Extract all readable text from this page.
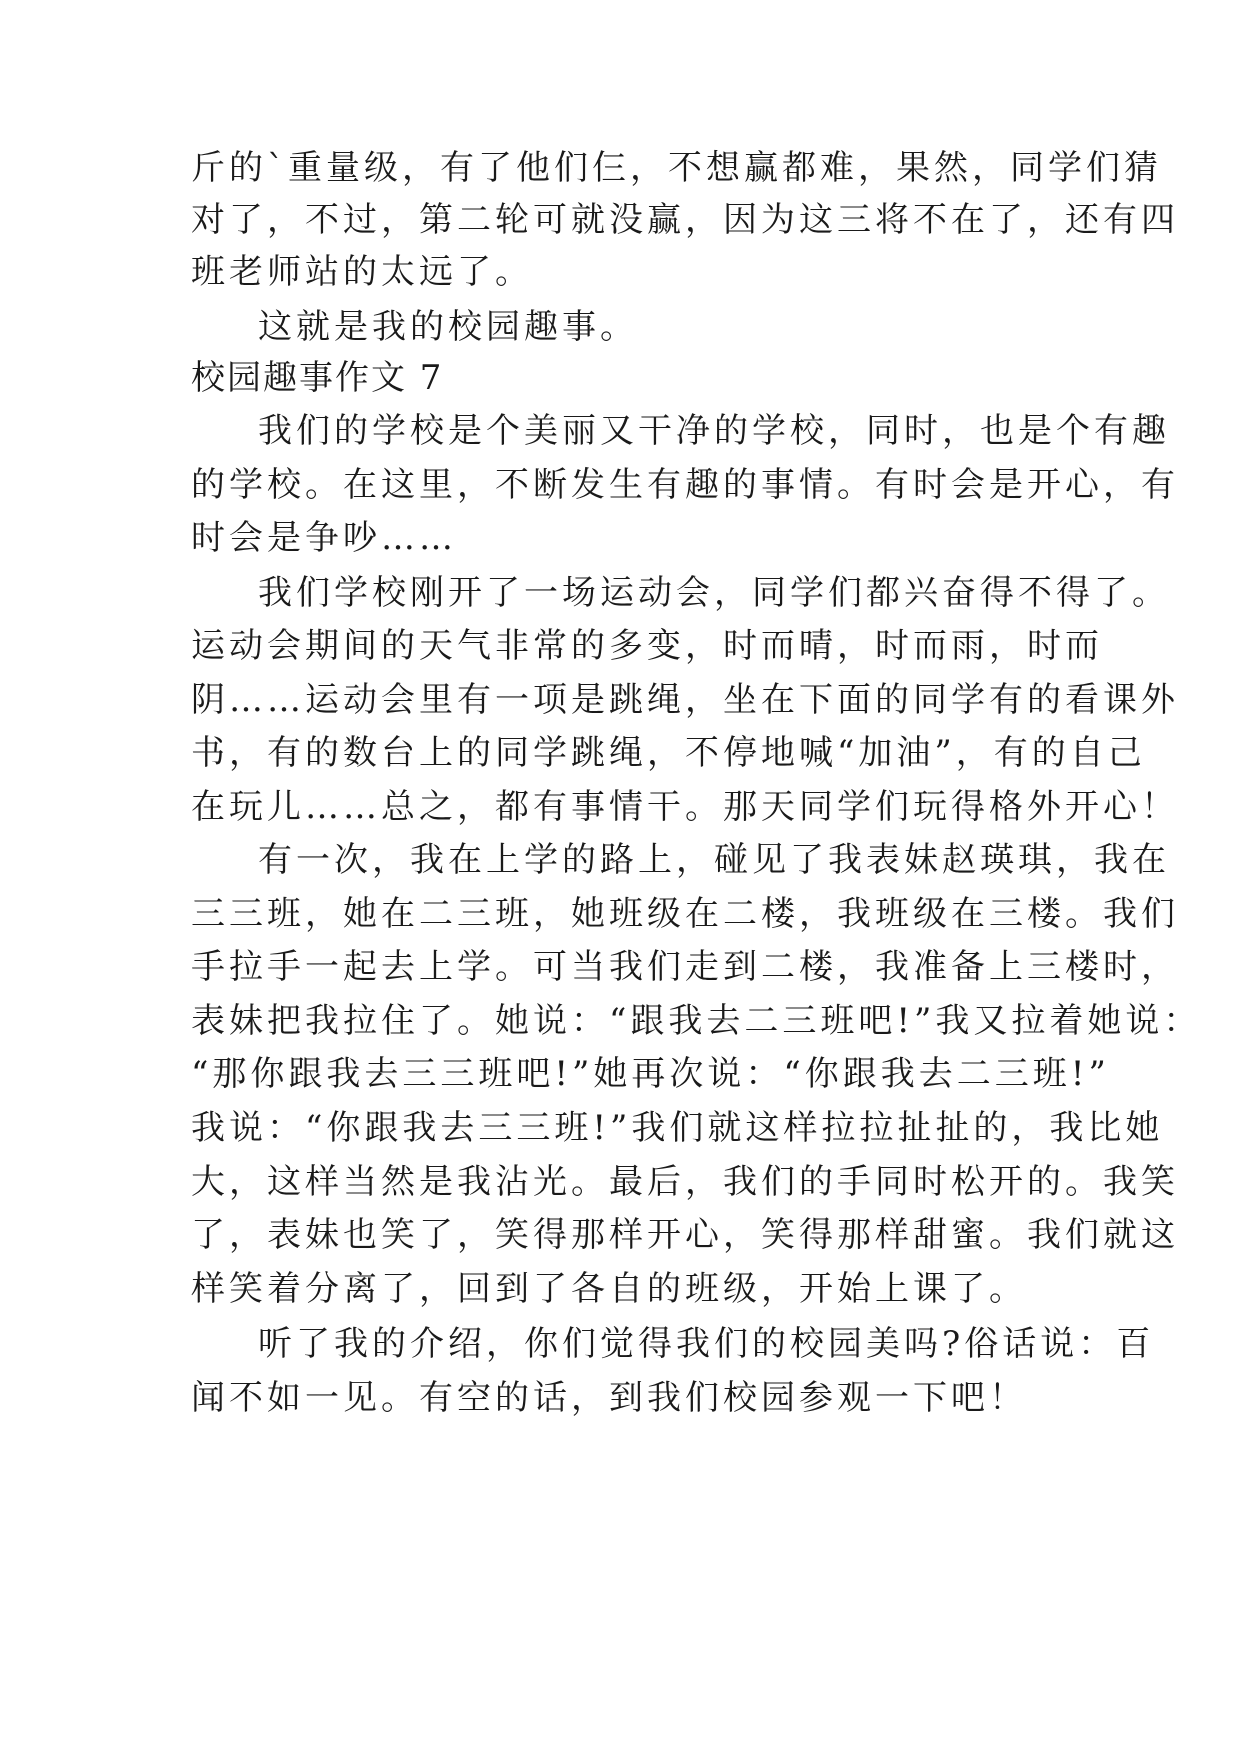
斤的`重量级，有了他们仨，不想赢都难，果然，同学们猜
对了，不过，第二轮可就没赢，因为这三将不在了，还有四
班老师站的太远了。
这就是我的校园趣事。
校园趣事作文 7
我们的学校是个美丽又干净的学校，同时，也是个有趣
的学校。在这里，不断发生有趣的事情。有时会是开心，有
时会是争吵……
我们学校刚开了一场运动会，同学们都兴奋得不得了。
运动会期间的天气非常的多变，时而晴，时而雨，时而
阴……运动会里有一项是跳绳，坐在下面的同学有的看课外
书，有的数台上的同学跳绳，不停地喊“加油”，有的自己
在玩儿……总之，都有事情干。那天同学们玩得格外开心！
有一次，我在上学的路上，碰见了我表妹赵瑛琪，我在
三三班，她在二三班，她班级在二楼，我班级在三楼。我们
手拉手一起去上学。可当我们走到二楼，我准备上三楼时，
表妹把我拉住了。她说：“跟我去二三班吧!”我又拉着她说：
“那你跟我去三三班吧!”她再次说：“你跟我去二三班!”
我说：“你跟我去三三班!”我们就这样拉拉扯扯的，我比她
大，这样当然是我沾光。最后，我们的手同时松开的。我笑
了，表妹也笑了，笑得那样开心，笑得那样甜蜜。我们就这
样笑着分离了，回到了各自的班级，开始上课了。
听了我的介绍，你们觉得我们的校园美吗?俗话说：百
闻不如一见。有空的话，到我们校园参观一下吧！
